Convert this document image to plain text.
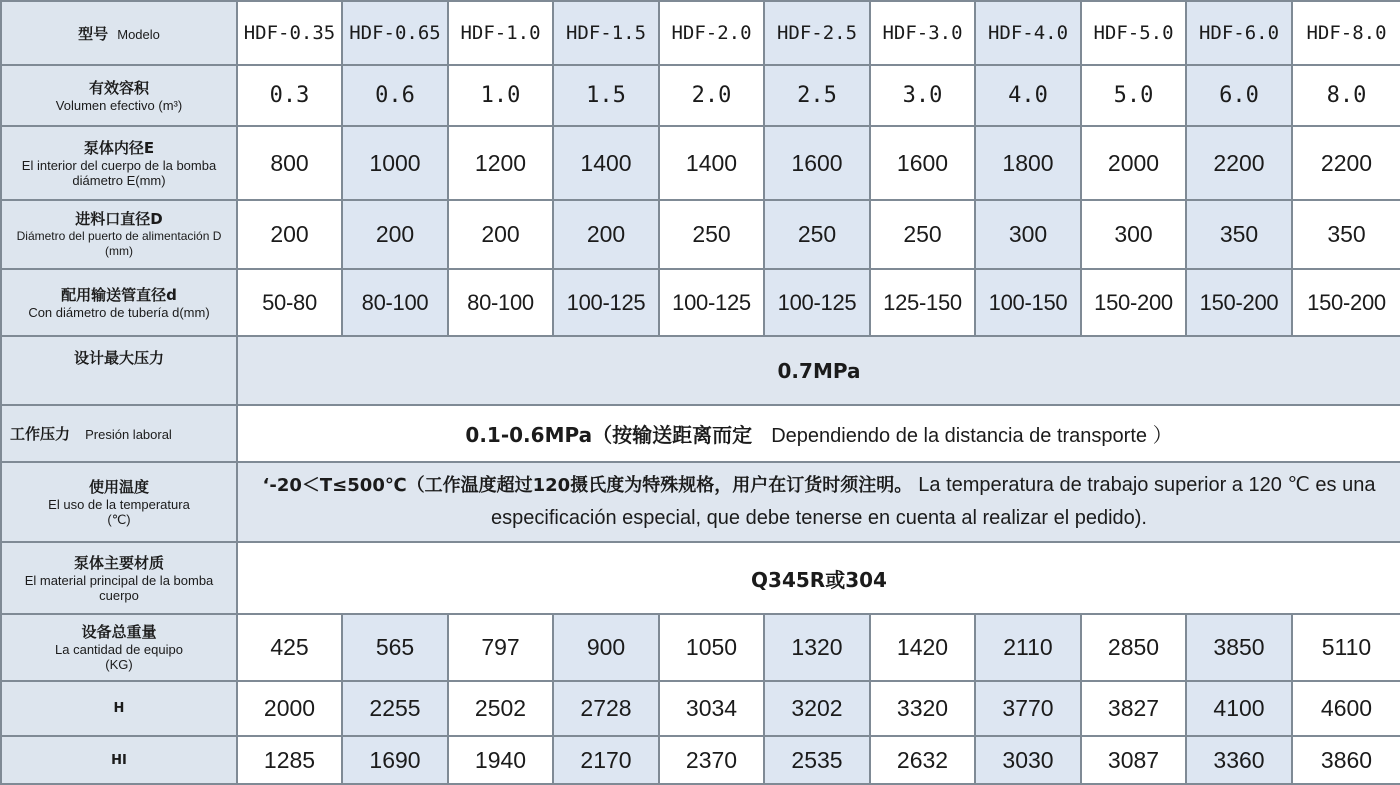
型号 Modelo	HDF-0.35	HDF-0.65	HDF-1.0	HDF-1.5	HDF-2.0	HDF-2.5	HDF-3.0	HDF-4.0	HDF-5.0	HDF-6.0	HDF-8.0

有效容积
Volumen efectivo (m³)	0.3	0.6	1.0	1.5	2.0	2.5	3.0	4.0	5.0	6.0	8.0

泵体内径E
El interior del cuerpo de la bomba diámetro E(mm)	800	1000	1200	1400	1400	1600	1600	1800	2000	2200	2200

进料口直径D
Diámetro del puerto de alimentación D (mm)	200	200	200	200	250	250	250	300	300	350	350

配用输送管直径d
Con diámetro de tubería d(mm)	50-80	80-100	80-100	100-125	100-125	100-125	125-150	100-150	150-200	150-200	150-200

设计最大压力	0.7MPa										
工作压力 Presión laboral	0.1-0.6MPa（按输送距离而定 Dependiendo de la distancia de transporte ）										

使用温度
El uso de la temperatura
(℃)	‘-20＜T≤500℃（工作温度超过120摄氏度为特殊规格，用户在订货时须注明。 La temperatura de trabajo superior a 120 ℃ es una especificación especial, que debe tenerse en cuenta al realizar el pedido).										

泵体主要材质
El material principal de la bomba cuerpo	Q345R或304										

设备总重量
La cantidad de equipo
(KG)	425	565	797	900	1050	1320	1420	2110	2850	3850	5110

H	2000	2255	2502	2728	3034	3202	3320	3770	3827	4100	4600

HI	1285	1690	1940	2170	2370	2535	2632	3030	3087	3360	3860
